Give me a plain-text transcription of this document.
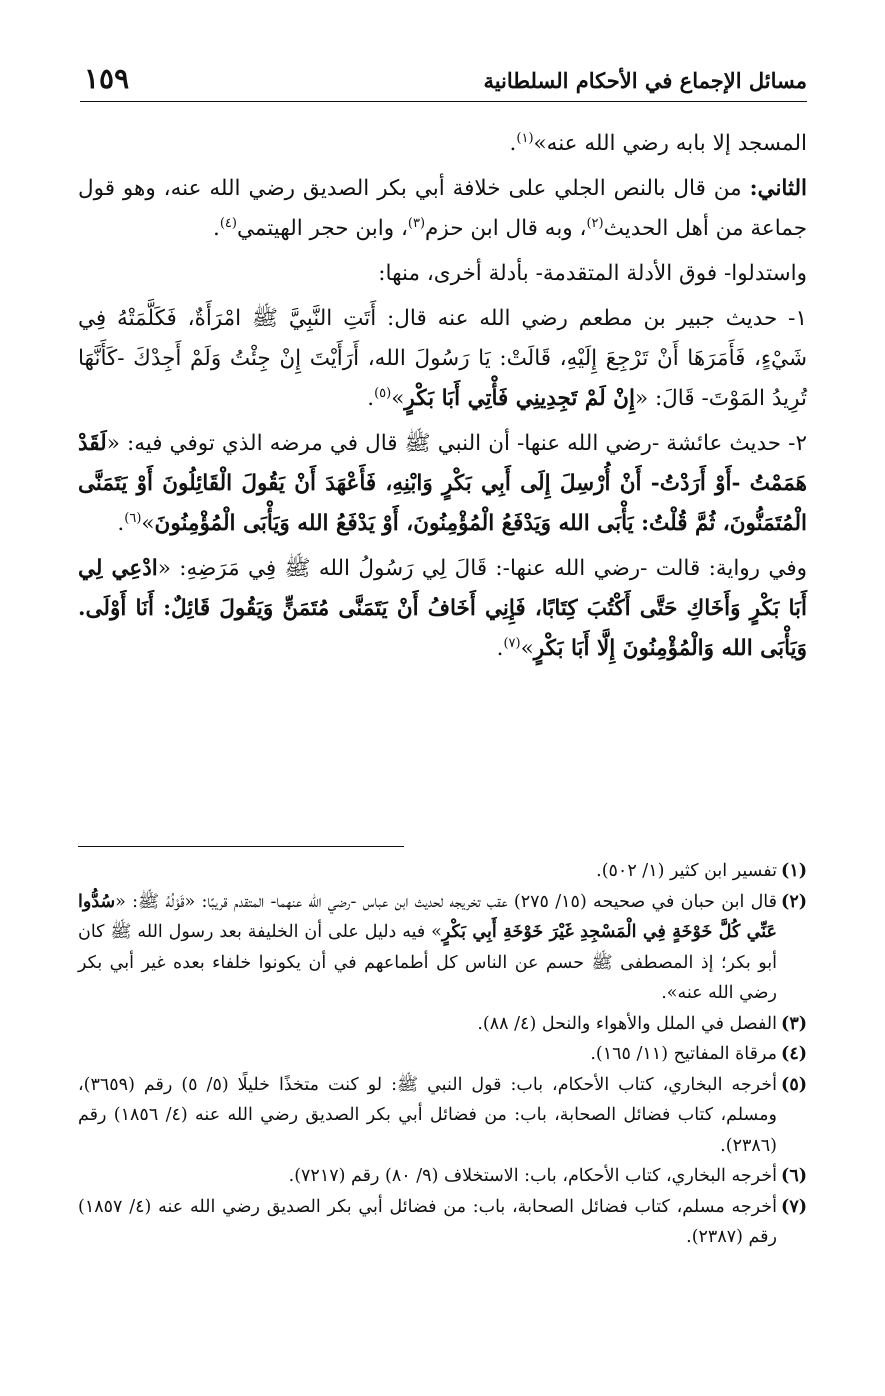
مسائل الإجماع في الأحكام السلطانية
١٥٩

المسجد إلا بابه رضي الله عنه»$^{(١)}$.

الثاني: من قال بالنص الجلي على خلافة أبي بكر الصديق رضي الله عنه، وهو قول جماعة من أهل الحديث$^{(٢)}$، وبه قال ابن حزم$^{(٣)}$، وابن حجر الهيتمي$^{(٤)}$.

واستدلوا- فوق الأدلة المتقدمة- بأدلة أخرى، منها:

١- حديث جبير بن مطعم رضي الله عنه قال: أَتَتِ النَّبِيَّ ﷺ امْرَأَةٌ، فَكَلَّمَتْهُ فِي شَيْءٍ، فَأَمَرَهَا أَنْ تَرْجِعَ إِلَيْهِ، قَالَتْ: يَا رَسُولَ الله، أَرَأَيْتَ إِنْ جِئْتُ وَلَمْ أَجِدْكَ -كَأَنَّهَا تُرِيدُ المَوْتَ- قَالَ: «إِنْ لَمْ تَجِدِينِي فَأْتِي أَبَا بَكْرٍ»$^{(٥)}$.

٢- حديث عائشة -رضي الله عنها- أن النبي ﷺ قال في مرضه الذي توفي فيه: «لَقَدْ هَمَمْتُ -أَوْ أَرَدْتُ- أَنْ أُرْسِلَ إِلَى أَبِي بَكْرٍ وَابْنِهِ، فَأَعْهَدَ أَنْ يَقُولَ الْقَائِلُونَ أَوْ يَتَمَنَّى الْمُتَمَنُّونَ، ثُمَّ قُلْتُ: يَأْبَى الله وَيَدْفَعُ الْمُؤْمِنُونَ، أَوْ يَدْفَعُ الله وَيَأْبَى الْمُؤْمِنُونَ»$^{(٦)}$.

وفي رواية: قالت -رضي الله عنها-: قَالَ لِي رَسُولُ الله ﷺ فِي مَرَضِهِ: «ادْعِي لِي أَبَا بَكْرٍ وَأَخَاكِ حَتَّى أَكْتُبَ كِتَابًا، فَإِنِي أَخَافُ أَنْ يَتَمَنَّى مُتَمَنٍّ وَيَقُولَ قَائِلٌ: أَنَا أَوْلَى. وَيَأْبَى الله وَالْمُؤْمِنُونَ إِلَّا أَبَا بَكْرٍ»$^{(٧)}$.

(١)
تفسير ابن كثير (١/ ٥٠٢).

(٢)
قال ابن حبان في صحيحه (١٥/ ٢٧٥) عقب تخريجه لحديث ابن عباس -رضي الله عنهما- المتقدم قريبًا: «قَوْلُهُ ﷺ: «سُدُّوا عَنِّي كُلَّ خَوْخَةٍ فِي الْمَسْجِدِ غَيْرَ خَوْخَةِ أَبِي بَكْرٍ» فيه دليل على أن الخليفة بعد رسول الله ﷺ كان أبو بكر؛ إذ المصطفى ﷺ حسم عن الناس كل أطماعهم في أن يكونوا خلفاء بعده غير أبي بكر رضي الله عنه».

(٣)
الفصل في الملل والأهواء والنحل (٤/ ٨٨).

(٤)
مرقاة المفاتيح (١١/ ١٦٥).

(٥)
أخرجه البخاري، كتاب الأحكام، باب: قول النبي ﷺ: لو كنت متخذًا خليلًا (٥/ ٥) رقم (٣٦٥٩)، ومسلم، كتاب فضائل الصحابة، باب: من فضائل أبي بكر الصديق رضي الله عنه (٤/ ١٨٥٦) رقم (٢٣٨٦).

(٦)
أخرجه البخاري، كتاب الأحكام، باب: الاستخلاف (٩/ ٨٠) رقم (٧٢١٧).

(٧)
أخرجه مسلم، كتاب فضائل الصحابة، باب: من فضائل أبي بكر الصديق رضي الله عنه (٤/ ١٨٥٧) رقم (٢٣٨٧).
